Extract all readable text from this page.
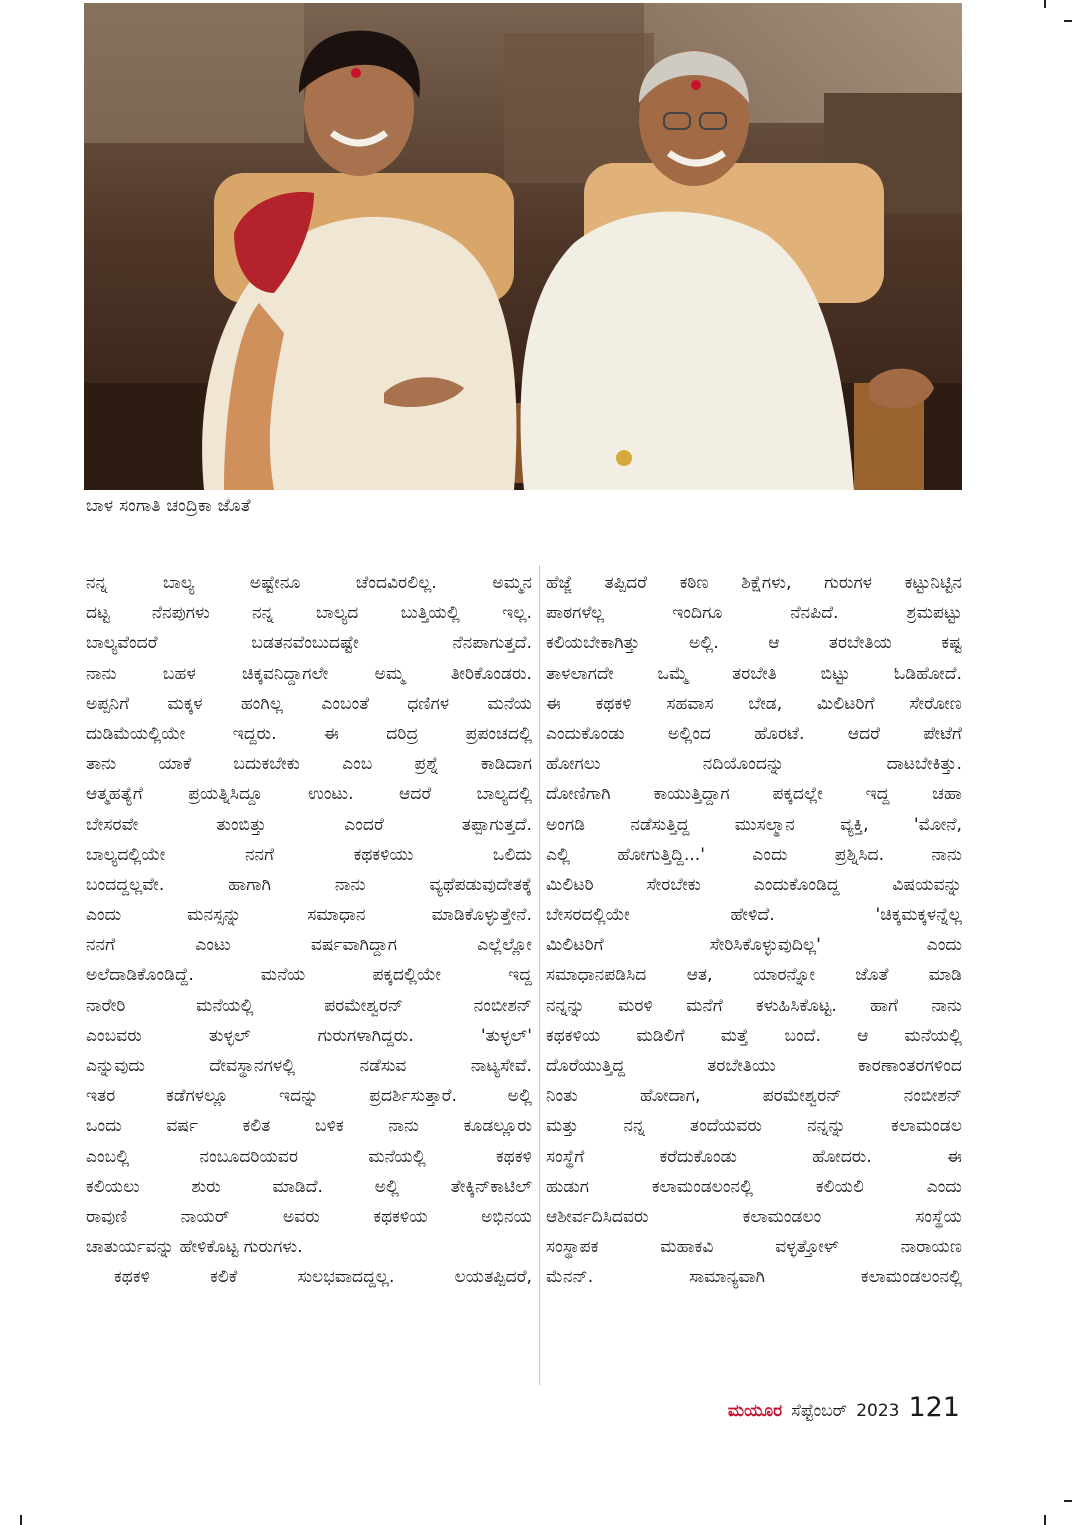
ಬಾಳ ಸಂಗಾತಿ ಚಂದ್ರಿಕಾ ಜೊತೆ

ನನ್ನ ಬಾಲ್ಯ ಅಷ್ಟೇನೂ ಚೆಂದವಿರಲಿಲ್ಲ. ಅಮ್ಮನ

ದಟ್ಟ ನೆನಪುಗಳು ನನ್ನ ಬಾಲ್ಯದ ಬುತ್ತಿಯಲ್ಲಿ ಇಲ್ಲ.

ಬಾಲ್ಯವೆಂದರೆ ಬಡತನವೆಂಬುದಷ್ಟೇ ನೆನಪಾಗುತ್ತದೆ.

ನಾನು ಬಹಳ ಚಿಕ್ಕವನಿದ್ದಾಗಲೇ ಅಮ್ಮ ತೀರಿಕೊಂಡರು.

ಅಪ್ಪನಿಗೆ ಮಕ್ಕಳ ಹಂಗಿಲ್ಲ ಎಂಬಂತೆ ಧಣಿಗಳ ಮನೆಯ

ದುಡಿಮೆಯಲ್ಲಿಯೇ ಇದ್ದರು. ಈ ದರಿದ್ರ ಪ್ರಪಂಚದಲ್ಲಿ

ತಾನು ಯಾಕೆ ಬದುಕಬೇಕು ಎಂಬ ಪ್ರಶ್ನೆ ಕಾಡಿದಾಗ

ಆತ್ಮಹತ್ಯೆಗೆ ಪ್ರಯತ್ನಿಸಿದ್ದೂ ಉಂಟು. ಆದರೆ ಬಾಲ್ಯದಲ್ಲಿ

ಬೇಸರವೇ ತುಂಬಿತ್ತು ಎಂದರೆ ತಪ್ಪಾಗುತ್ತದೆ.

ಬಾಲ್ಯದಲ್ಲಿಯೇ ನನಗೆ ಕಥಕಳಿಯು ಒಲಿದು

ಬಂದದ್ದಲ್ಲವೇ. ಹಾಗಾಗಿ ನಾನು ವ್ಯಥೆಪಡುವುದೇತಕ್ಕೆ

ಎಂದು ಮನಸ್ಸನ್ನು ಸಮಾಧಾನ ಮಾಡಿಕೊಳ್ಳುತ್ತೇನೆ.

ನನಗೆ ಎಂಟು ವರ್ಷವಾಗಿದ್ದಾಗ ಎಲ್ಲೆಲ್ಲೋ

ಅಲೆದಾಡಿಕೊಂಡಿದ್ದೆ. ಮನೆಯ ಪಕ್ಕದಲ್ಲಿಯೇ ಇದ್ದ

ನಾರೇರಿ ಮನೆಯಲ್ಲಿ ಪರಮೇಶ್ವರನ್ ನಂಬೀಶನ್

ಎಂಬವರು ತುಳ್ಳಲ್ ಗುರುಗಳಾಗಿದ್ದರು. 'ತುಳ್ಳಲ್'

ಎನ್ನುವುದು ದೇವಸ್ಥಾನಗಳಲ್ಲಿ ನಡೆಸುವ ನಾಟ್ಯಸೇವೆ.

ಇತರ ಕಡೆಗಳಲ್ಲೂ ಇದನ್ನು ಪ್ರದರ್ಶಿಸುತ್ತಾರೆ. ಅಲ್ಲಿ

ಒಂದು ವರ್ಷ ಕಲಿತ ಬಳಿಕ ನಾನು ಕೂಡಲ್ಲೂರು

ಎಂಬಲ್ಲಿ ನಂಬೂದರಿಯವರ ಮನೆಯಲ್ಲಿ ಕಥಕಳಿ

ಕಲಿಯಲು ಶುರು ಮಾಡಿದೆ. ಅಲ್ಲಿ ತೇಕ್ಕಿನ್‌ಕಾಟಿಲ್

ರಾವುಣಿ ನಾಯರ್ ಅವರು ಕಥಕಳಿಯ ಅಭಿನಯ

ಚಾತುರ್ಯವನ್ನು ಹೇಳಿಕೊಟ್ಟ ಗುರುಗಳು.

ಕಥಕಳಿ ಕಲಿಕೆ ಸುಲಭವಾದದ್ದಲ್ಲ. ಲಯತಪ್ಪಿದರೆ,

ಹೆಜ್ಜೆ ತಪ್ಪಿದರೆ ಕಠಿಣ ಶಿಕ್ಷೆಗಳು, ಗುರುಗಳ ಕಟ್ಟುನಿಟ್ಟಿನ

ಪಾಠಗಳೆಲ್ಲ ಇಂದಿಗೂ ನೆನಪಿದೆ. ಶ್ರಮಪಟ್ಟು

ಕಲಿಯಬೇಕಾಗಿತ್ತು ಅಲ್ಲಿ. ಆ ತರಬೇತಿಯ ಕಷ್ಟ

ತಾಳಲಾಗದೇ ಒಮ್ಮೆ ತರಬೇತಿ ಬಿಟ್ಟು ಓಡಿಹೋದೆ.

ಈ ಕಥಕಳಿ ಸಹವಾಸ ಬೇಡ, ಮಿಲಿಟರಿಗೆ ಸೇರೋಣ

ಎಂದುಕೊಂಡು ಅಲ್ಲಿಂದ ಹೊರಟೆ. ಆದರೆ ಪೇಟೆಗೆ

ಹೋಗಲು ನದಿಯೊಂದನ್ನು ದಾಟಬೇಕಿತ್ತು.

ದೋಣಿಗಾಗಿ ಕಾಯುತ್ತಿದ್ದಾಗ ಪಕ್ಕದಲ್ಲೇ ಇದ್ದ ಚಹಾ

ಅಂಗಡಿ ನಡೆಸುತ್ತಿದ್ದ ಮುಸಲ್ಮಾನ ವ್ಯಕ್ತಿ, 'ಮೋನೆ,

ಎಲ್ಲಿ ಹೋಗುತ್ತಿದ್ದಿ...' ಎಂದು ಪ್ರಶ್ನಿಸಿದ. ನಾನು

ಮಿಲಿಟರಿ ಸೇರಬೇಕು ಎಂದುಕೊಂಡಿದ್ದ ವಿಷಯವನ್ನು

ಬೇಸರದಲ್ಲಿಯೇ ಹೇಳಿದೆ. 'ಚಿಕ್ಕಮಕ್ಕಳನ್ನೆಲ್ಲ

ಮಿಲಿಟರಿಗೆ ಸೇರಿಸಿಕೊಳ್ಳುವುದಿಲ್ಲ' ಎಂದು

ಸಮಾಧಾನಪಡಿಸಿದ ಆತ, ಯಾರನ್ನೋ ಜೊತೆ ಮಾಡಿ

ನನ್ನನ್ನು ಮರಳಿ ಮನೆಗೆ ಕಳುಹಿಸಿಕೊಟ್ಟ. ಹಾಗೆ ನಾನು

ಕಥಕಳಿಯ ಮಡಿಲಿಗೆ ಮತ್ತೆ ಬಂದೆ. ಆ ಮನೆಯಲ್ಲಿ

ದೊರೆಯುತ್ತಿದ್ದ ತರಬೇತಿಯು ಕಾರಣಾಂತರಗಳಿಂದ

ನಿಂತು ಹೋದಾಗ, ಪರಮೇಶ್ವರನ್ ನಂಬೀಶನ್

ಮತ್ತು ನನ್ನ ತಂದೆಯವರು ನನ್ನನ್ನು ಕಲಾಮಂಡಲ

ಸಂಸ್ಥೆಗೆ ಕರೆದುಕೊಂಡು ಹೋದರು. ಈ

ಹುಡುಗ ಕಲಾಮಂಡಲಂನಲ್ಲಿ ಕಲಿಯಲಿ ಎಂದು

ಆಶೀರ್ವದಿಸಿದವರು ಕಲಾಮಂಡಲಂ ಸಂಸ್ಥೆಯ

ಸಂಸ್ಥಾಪಕ ಮಹಾಕವಿ ವಳ್ಳತ್ತೋಳ್ ನಾರಾಯಣ

ಮೆನನ್. ಸಾಮಾನ್ಯವಾಗಿ ಕಲಾಮಂಡಲಂನಲ್ಲಿ

ಮಯೂರ ಸೆಪ್ಟೆಂಬರ್ 2023 121
